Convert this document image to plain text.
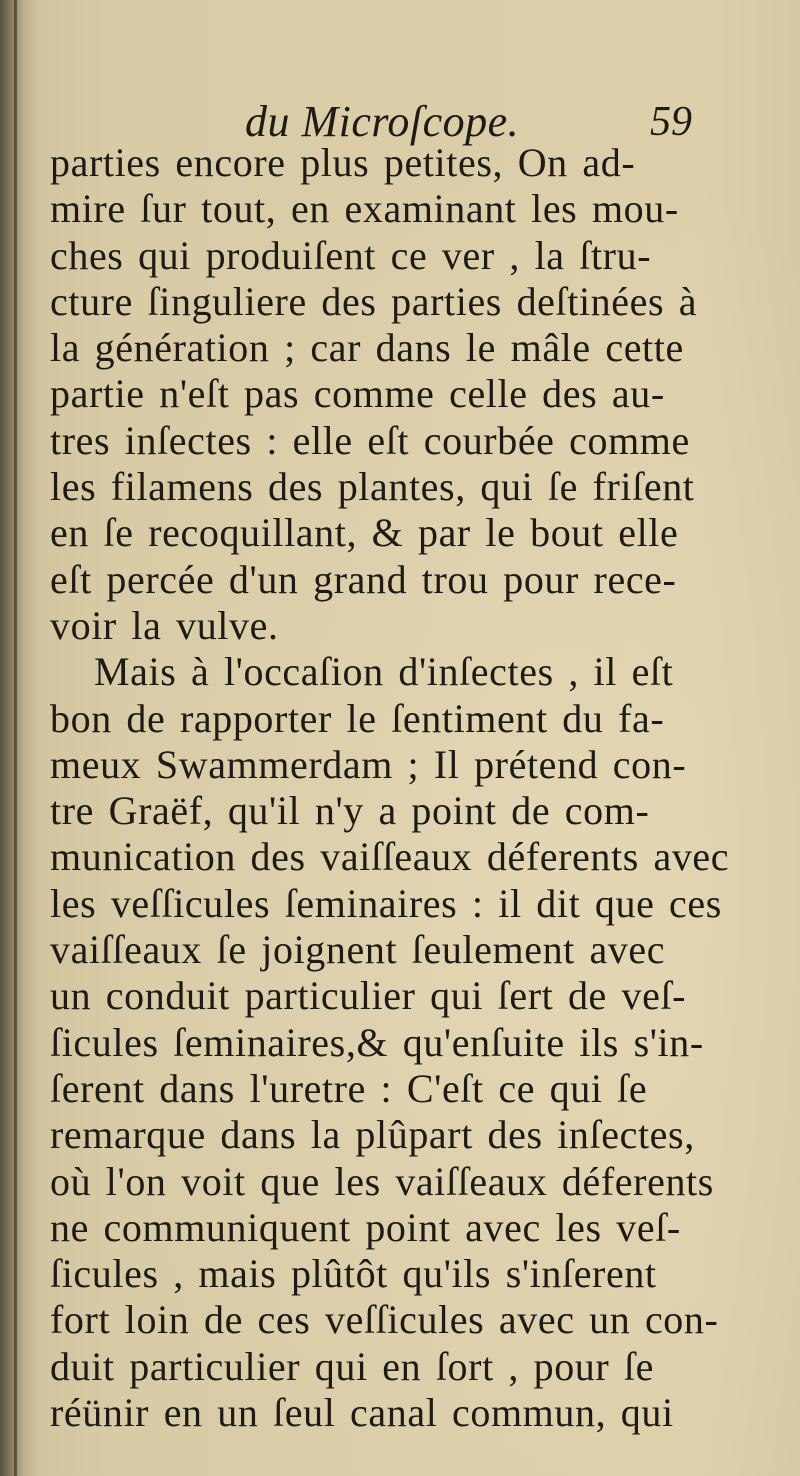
du Microſcope.	59
parties encore plus petites, On ad-
mire ſur tout, en examinant les mou-
ches qui produiſent ce ver , la ſtru-
cture ſinguliere des parties deſtinées à
la génération ; car dans le mâle cette
partie n'eſt pas comme celle des au-
tres inſectes : elle eſt courbée comme
les filamens des plantes, qui ſe friſent
en ſe recoquillant, & par le bout elle
eſt percée d'un grand trou pour rece-
voir la vulve.
Mais à l'occaſion d'inſectes , il eſt
bon de rapporter le ſentiment du fa-
meux Swammerdam ; Il prétend con-
tre Graëf, qu'il n'y a point de com-
munication des vaiſſeaux déferents avec
les veſſicules ſeminaires : il dit que ces
vaiſſeaux ſe joignent ſeulement avec
un conduit particulier qui ſert de veſ-
ſicules ſeminaires,& qu'enſuite ils s'in-
ſerent dans l'uretre : C'eſt ce qui ſe
remarque dans la plûpart des inſectes,
où l'on voit que les vaiſſeaux déferents
ne communiquent point avec les veſ-
ſicules , mais plûtôt qu'ils s'inſerent
fort loin de ces veſſicules avec un con-
duit particulier qui en ſort , pour ſe
réünir en un ſeul canal commun, qui
